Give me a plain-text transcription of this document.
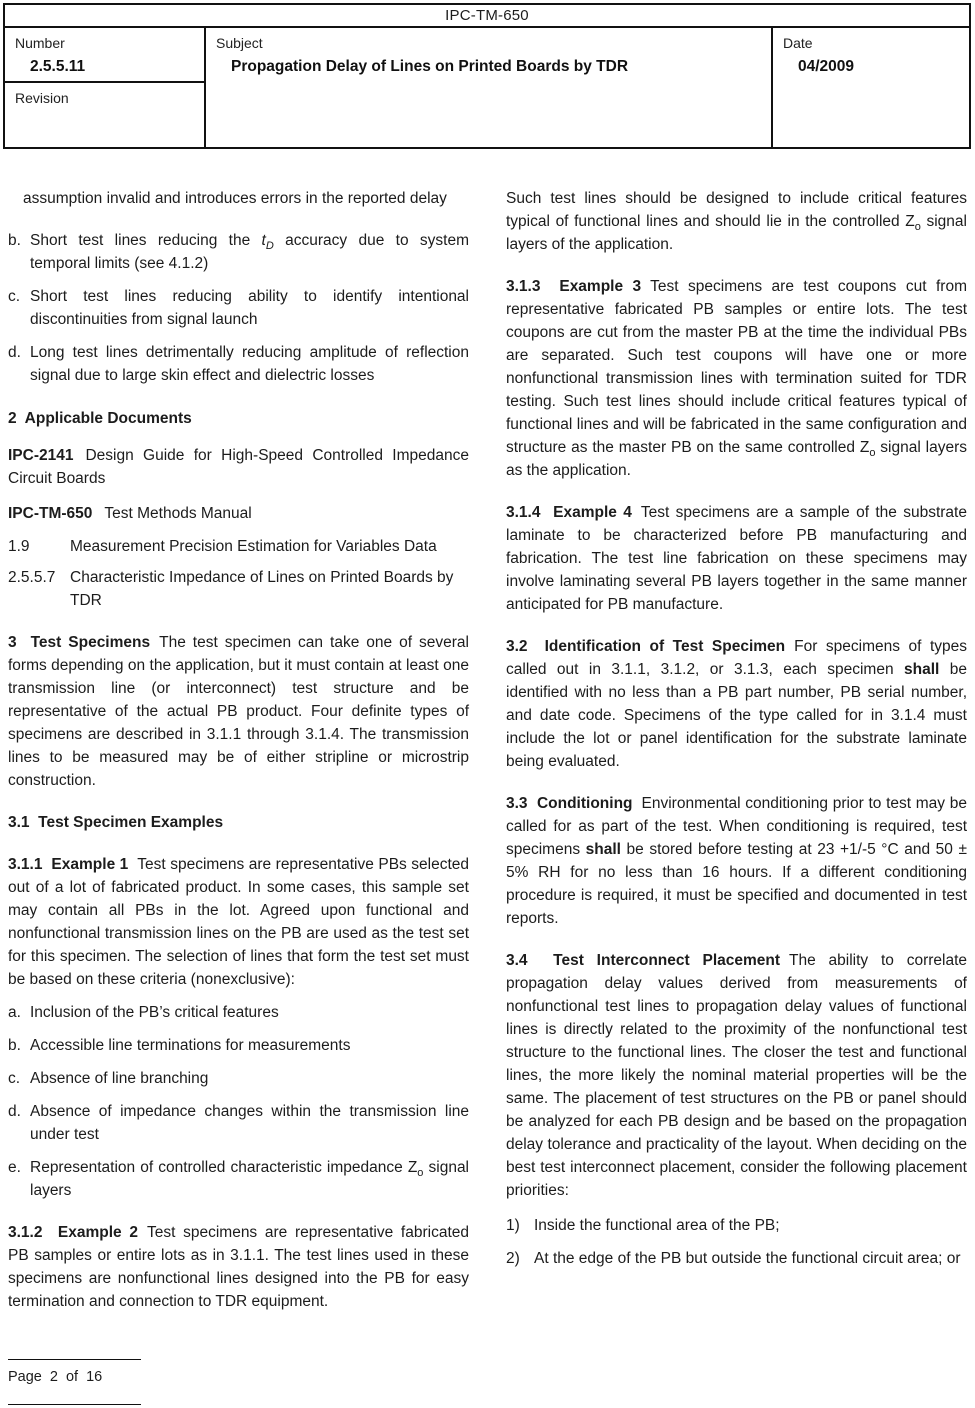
IPC-TM-650
Number
2.5.5.11
Revision
Subject
Propagation Delay of Lines on Printed Boards by TDR
Date
04/2009

assumption invalid and introduces errors in the reported delay

b. Short test lines reducing the $t_D$ accuracy due to system temporal limits (see 4.1.2)
c. Short test lines reducing ability to identify intentional discontinuities from signal launch
d. Long test lines detrimentally reducing amplitude of reflection signal due to large skin effect and dielectric losses

2  Applicable Documents

IPC-2141 Design Guide for High-Speed Controlled Impedance Circuit Boards

IPC-TM-650 Test Methods Manual

1.9	Measurement Precision Estimation for Variables Data
2.5.5.7 Characteristic Impedance of Lines on Printed Boards by TDR

3  Test Specimens The test specimen can take one of several forms depending on the application, but it must contain at least one transmission line (or interconnect) test structure and be representative of the actual PB product. Four definite types of specimens are described in 3.1.1 through 3.1.4. The transmission lines to be measured may be of either stripline or microstrip construction.

3.1  Test Specimen Examples

3.1.1  Example 1 Test specimens are representative PBs selected out of a lot of fabricated product. In some cases, this sample set may contain all PBs in the lot. Agreed upon functional and nonfunctional transmission lines on the PB are used as the test set for this specimen. The selection of lines that form the test set must be based on these criteria (nonexclusive):

a. Inclusion of the PB’s critical features
b. Accessible line terminations for measurements
c. Absence of line branching
d. Absence of impedance changes within the transmission line under test
e. Representation of controlled characteristic impedance $Z_o$ signal layers

3.1.2  Example 2 Test specimens are representative fabricated PB samples or entire lots as in 3.1.1. The test lines used in these specimens are nonfunctional lines designed into the PB for easy termination and connection to TDR equipment.

Such test lines should be designed to include critical features typical of functional lines and should lie in the controlled $Z_o$ signal layers of the application.

3.1.3  Example 3 Test specimens are test coupons cut from representative fabricated PB samples or entire lots. The test coupons are cut from the master PB at the time the individual PBs are separated. Such test coupons will have one or more nonfunctional transmission lines with termination suited for TDR testing. Such test lines should include critical features typical of functional lines and will be fabricated in the same configuration and structure as the master PB on the same controlled $Z_o$ signal layers as the application.

3.1.4  Example 4 Test specimens are a sample of the substrate laminate to be characterized before PB manufacturing and fabrication. The test line fabrication on these specimens may involve laminating several PB layers together in the same manner anticipated for PB manufacture.

3.2  Identification of Test Specimen For specimens of types called out in 3.1.1, 3.1.2, or 3.1.3, each specimen shall be identified with no less than a PB part number, PB serial number, and date code. Specimens of the type called for in 3.1.4 must include the lot or panel identification for the substrate laminate being evaluated.

3.3  Conditioning Environmental conditioning prior to test may be called for as part of the test. When conditioning is required, test specimens shall be stored before testing at 23 +1/-5 °C and 50 ± 5% RH for no less than 16 hours. If a different conditioning procedure is required, it must be specified and documented in test reports.

3.4  Test Interconnect Placement The ability to correlate propagation delay values derived from measurements of nonfunctional test lines to propagation delay values of functional lines is directly related to the proximity of the nonfunctional test structure to the functional lines. The closer the test and functional lines, the more likely the nominal material properties will be the same. The placement of test structures on the PB or panel should be analyzed for each PB design and be based on the propagation delay tolerance and practicality of the layout. When deciding on the best test interconnect placement, consider the following placement priorities:

1) Inside the functional area of the PB;
2) At the edge of the PB but outside the functional circuit area; or
Page 2 of 16
